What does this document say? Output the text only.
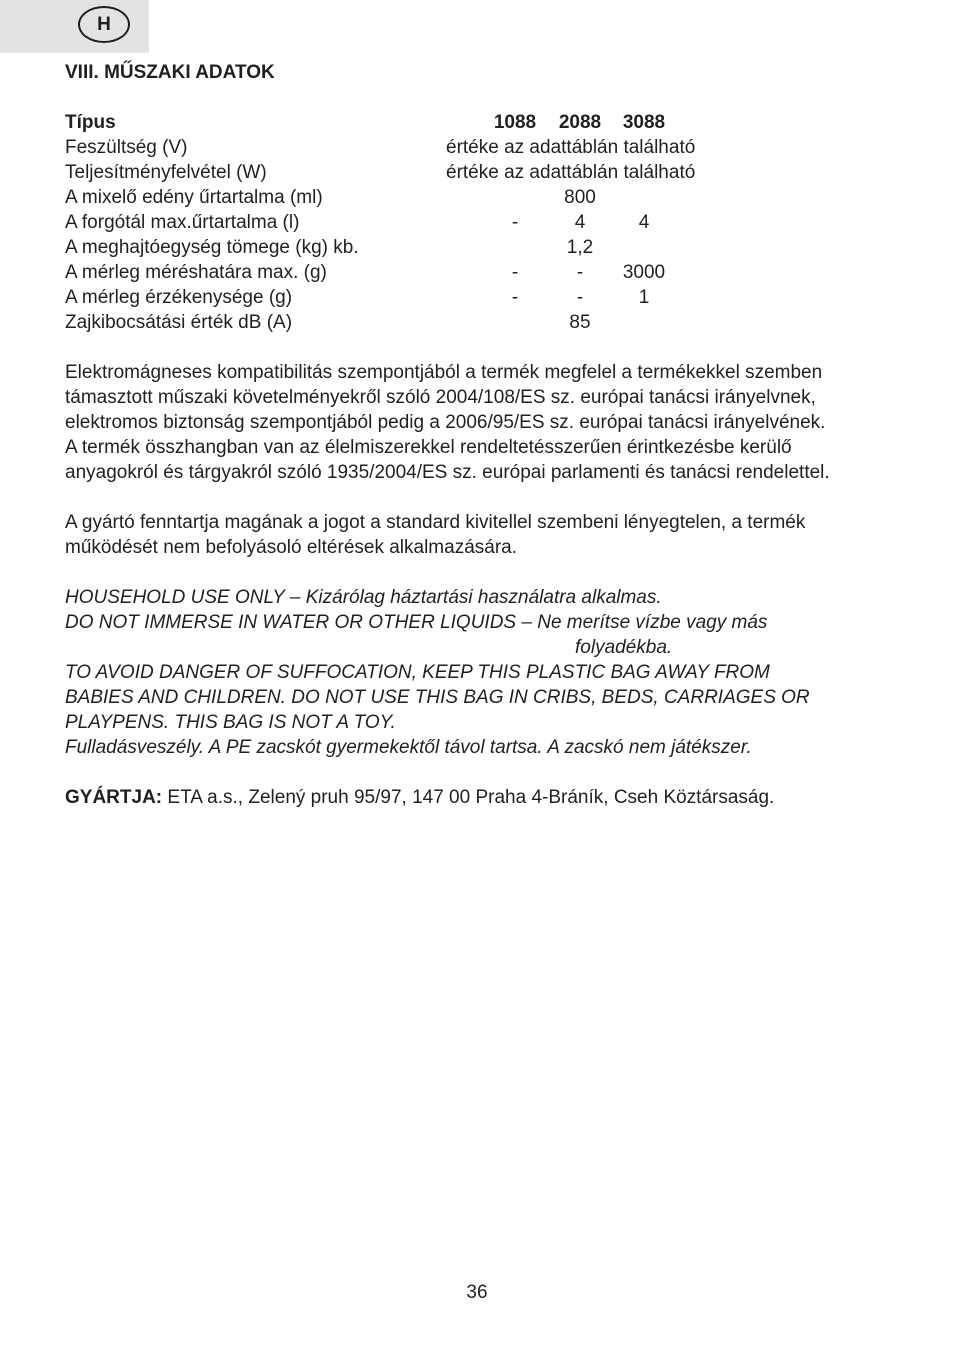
H
VIII. MŰSZAKI ADATOK
Típus	1088	2088	3088
Feszültség (V)	értéke az adattáblán található
Teljesítményfelvétel (W)	értéke az adattáblán található
A mixelő edény űrtartalma (ml)	800
A forgótál max.űrtartalma (l)	-	4	4
A meghajtóegység tömege (kg) kb.	1,2
A mérleg méréshatára max. (g)	-	-	3000
A mérleg érzékenysége (g)	-	-	1
Zajkibocsátási érték dB (A)	85

Elektromágneses kompatibilitás szempontjából a termék megfelel a termékekkel szemben
támasztott műszaki követelményekről szóló 2004/108/ES sz. európai tanácsi irányelvnek,
elektromos biztonság szempontjából pedig a 2006/95/ES sz. európai tanácsi irányelvének.
A termék összhangban van az élelmiszerekkel rendeltetésszerűen érintkezésbe kerülő
anyagokról és tárgyakról szóló 1935/2004/ES sz. európai parlamenti és tanácsi rendelettel.

A gyártó fenntartja magának a jogot a standard kivitellel szembeni lényegtelen, a termék
működését nem befolyásoló eltérések alkalmazására.

HOUSEHOLD USE ONLY – Kizárólag háztartási használatra alkalmas.
DO NOT IMMERSE IN WATER OR OTHER LIQUIDS – Ne merítse vízbe vagy más
folyadékba.
TO AVOID DANGER OF SUFFOCATION, KEEP THIS PLASTIC BAG AWAY FROM
BABIES AND CHILDREN. DO NOT USE THIS BAG IN CRIBS, BEDS, CARRIAGES OR
PLAYPENS. THIS BAG IS NOT A TOY.
Fulladásveszély. A PE zacskót gyermekektől távol tartsa. A zacskó nem játékszer.
GYÁRTJA: ETA a.s., Zelený pruh 95/97, 147 00 Praha 4-Bráník, Cseh Köztársaság.
36
